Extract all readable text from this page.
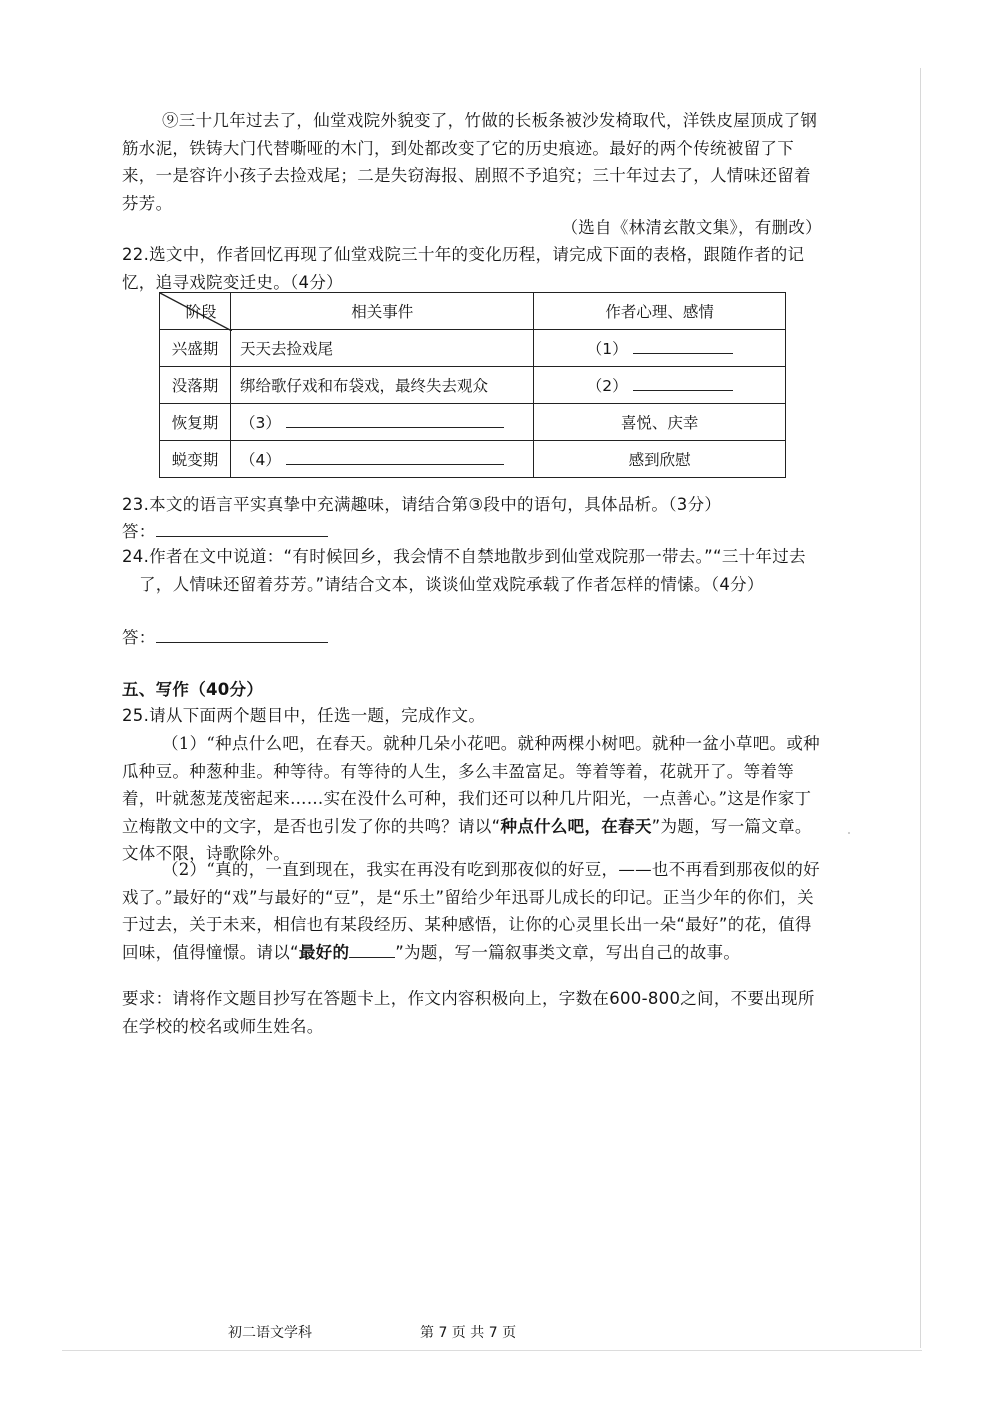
⑨三十几年过去了，仙堂戏院外貌变了，竹做的长板条被沙发椅取代，洋铁皮屋顶成了钢筋水泥，铁铸大门代替嘶哑的木门，到处都改变了它的历史痕迹。最好的两个传统被留了下来，一是容许小孩子去捡戏尾；二是失窃海报、剧照不予追究；三十年过去了，人情味还留着芬芳。

（选自《林清玄散文集》，有删改）

22.选文中，作者回忆再现了仙堂戏院三十年的变化历程，请完成下面的表格，跟随作者的记忆，追寻戏院变迁史。（4分）

阶段	相关事件	作者心理、感情
兴盛期	天天去捡戏尾	（1）
没落期	绑给歌仔戏和布袋戏，最终失去观众	（2）
恢复期	（3）	喜悦、庆幸
蜕变期	（4）	感到欣慰

23.本文的语言平实真挚中充满趣味，请结合第③段中的语句，具体品析。（3分）

答：

24.作者在文中说道：“有时候回乡，我会情不自禁地散步到仙堂戏院那一带去。”“三十年过去了，人情味还留着芬芳。”请结合文本，谈谈仙堂戏院承载了作者怎样的情愫。（4分）

答：

五、写作（40分）

25.请从下面两个题目中，任选一题，完成作文。

（1）“种点什么吧，在春天。就种几朵小花吧。就种两棵小树吧。就种一盆小草吧。或种瓜种豆。种葱种韭。种等待。有等待的人生，多么丰盈富足。等着等着，花就开了。等着等着，叶就葱茏茂密起来……实在没什么可种，我们还可以种几片阳光，一点善心。”这是作家丁立梅散文中的文字，是否也引发了你的共鸣？请以“种点什么吧，在春天”为题，写一篇文章。文体不限，诗歌除外。
（2）“真的，一直到现在，我实在再没有吃到那夜似的好豆，——也不再看到那夜似的好戏了。”最好的“戏”与最好的“豆”，是“乐土”留给少年迅哥儿成长的印记。正当少年的你们，关于过去，关于未来，相信也有某段经历、某种感悟，让你的心灵里长出一朵“最好”的花，值得回味，值得憧憬。请以“最好的	”为题，写一篇叙事类文章，写出自己的故事。

要求：请将作文题目抄写在答题卡上，作文内容积极向上，字数在600-800之间，不要出现所在学校的校名或师生姓名。

初二语文学科	第 7 页 共 7 页
